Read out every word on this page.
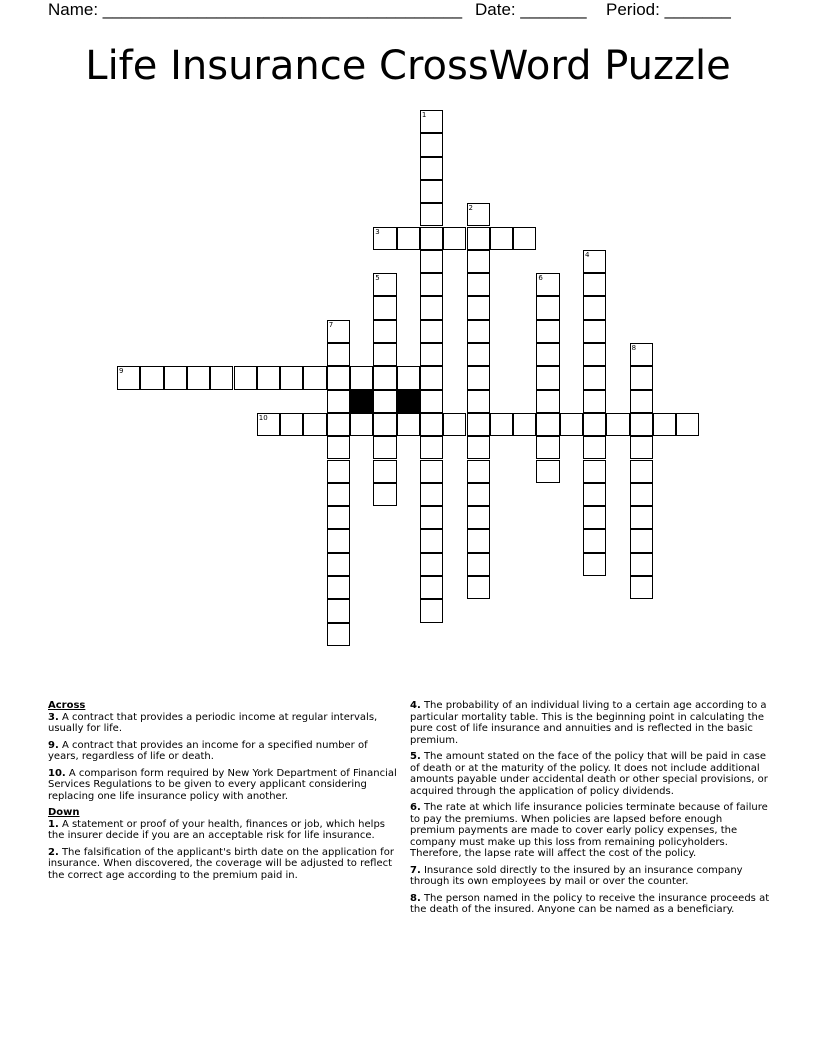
Name: ______________________________________ Date: _______ Period: _______
Life Insurance CrossWord Puzzle
3
9
10
1
2
4
5	6
7
8

Across

3. A contract that provides a periodic income at regular intervals, usually for life.

9. A contract that provides an income for a specified number of years, regardless of life or death.

10. A comparison form required by New York Department of Financial Services Regulations to be given to every applicant considering replacing one life insurance policy with another.

Down

1. A statement or proof of your health, finances or job, which helps the insurer decide if you are an acceptable risk for life insurance.

2. The falsification of the applicant's birth date on the application for insurance. When discovered, the coverage will be adjusted to reflect the correct age according to the premium paid in.

4. The probability of an individual living to a certain age according to a particular mortality table. This is the beginning point in calculating the pure cost of life insurance and annuities and is reflected in the basic premium.

5. The amount stated on the face of the policy that will be paid in case of death or at the maturity of the policy. It does not include additional amounts payable under accidental death or other special provisions, or acquired through the application of policy dividends.

6. The rate at which life insurance policies terminate because of failure to pay the premiums. When policies are lapsed before enough premium payments are made to cover early policy expenses, the company must make up this loss from remaining policyholders. Therefore, the lapse rate will affect the cost of the policy.

7. Insurance sold directly to the insured by an insurance company through its own employees by mail or over the counter.

8. The person named in the policy to receive the insurance proceeds at the death of the insured. Anyone can be named as a beneficiary.
